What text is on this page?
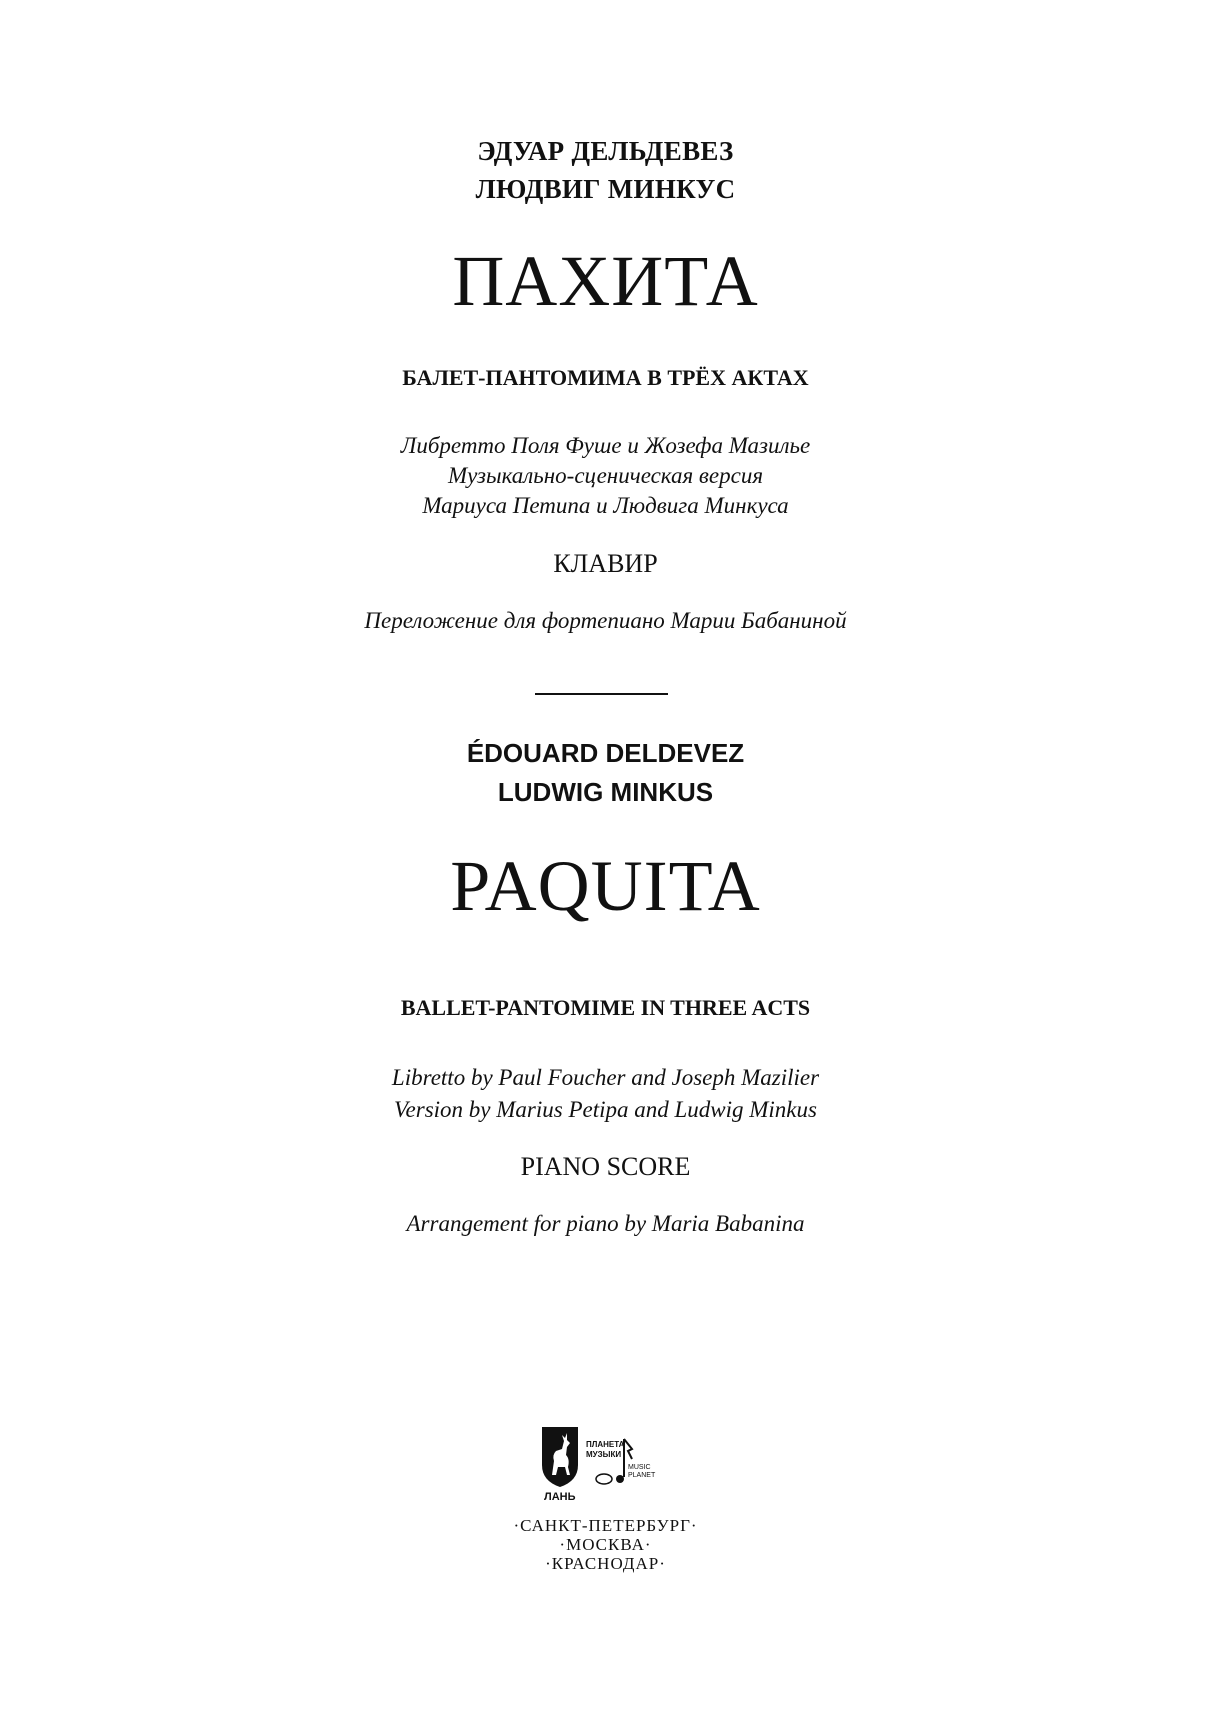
ЭДУАР ДЕЛЬДЕВЕЗ
ЛЮДВИГ МИНКУС
ПАХИТА
БАЛЕТ-ПАНТОМИМА В ТРЁХ АКТАХ
Либретто Поля Фуше и Жозефа Мазилье
Музыкально-сценическая версия
Мариуса Петипа и Людвига Минкуса
КЛАВИР
Переложение для фортепиано Марии Бабаниной
ÉDOUARD DELDEVEZ
LUDWIG MINKUS
PAQUITA
BALLET-PANTOMIME IN THREE ACTS
Libretto by Paul Foucher and Joseph Mazilier
Version by Marius Petipa and Ludwig Minkus
PIANO SCORE
Arrangement for piano by Maria Babanina
ПЛАНЕТА
МУЗЫКИ
MUSIC
PLANET
ЛАНЬ
·САНКТ-ПЕТЕРБУРГ·
·МОСКВА·
·КРАСНОДАР·
